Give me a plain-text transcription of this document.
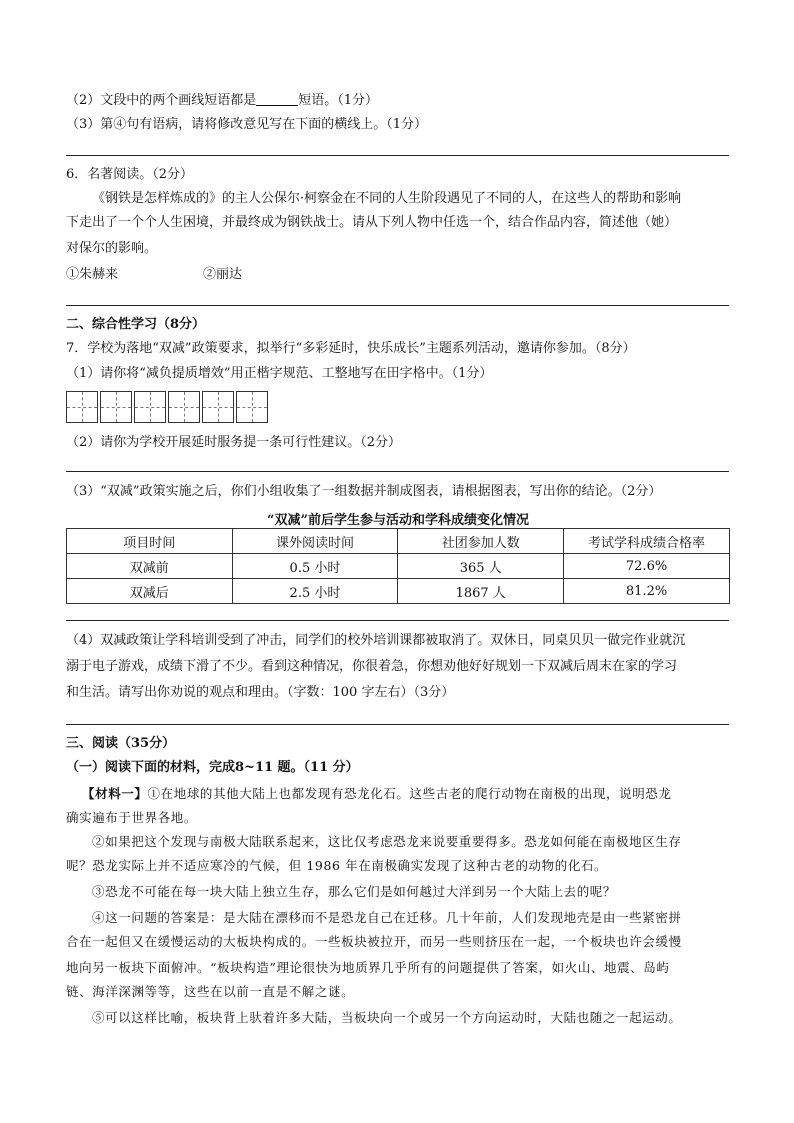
（2）文段中的两个画线短语都是	短语。（1分）
（3）第④句有语病，请将修改意见写在下面的横线上。（1分）
6．名著阅读。（2分）
《钢铁是怎样炼成的》的主人公保尔·柯察金在不同的人生阶段遇见了不同的人，在这些人的帮助和影响
下走出了一个个人生困境，并最终成为钢铁战士。请从下列人物中任选一个，结合作品内容，简述他（她）
对保尔的影响。
①朱赫来	②丽达
二、综合性学习（8分）
7．学校为落地“双减”政策要求，拟举行“多彩延时，快乐成长”主题系列活动，邀请你参加。（8分）
（1）请你将“减负提质增效”用正楷字规范、工整地写在田字格中。（1分）
（2）请你为学校开展延时服务提一条可行性建议。（2分）
（3）“双减”政策实施之后，你们小组收集了一组数据并制成图表，请根据图表，写出你的结论。（2分）
“双减”前后学生参与活动和学科成绩变化情况
项目时间	课外阅读时间	社团参加人数	考试学科成绩合格率
双减前	0.5 小时	365 人	72.6%
双减后	2.5 小时	1867 人	81.2%
（4）双减政策让学科培训受到了冲击，同学们的校外培训课都被取消了。双休日，同桌贝贝一做完作业就沉
溺于电子游戏，成绩下滑了不少。看到这种情况，你很着急，你想劝他好好规划一下双减后周末在家的学习
和生活。请写出你劝说的观点和理由。（字数：100 字左右）（3分）
三、阅读（35分）
（一）阅读下面的材料，完成8~11 题。（11 分）
【材料一】①在地球的其他大陆上也都发现有恐龙化石。这些古老的爬行动物在南极的出现，说明恐龙
确实遍布于世界各地。
②如果把这个发现与南极大陆联系起来，这比仅考虑恐龙来说要重要得多。恐龙如何能在南极地区生存
呢？恐龙实际上并不适应寒冷的气候，但 1986 年在南极确实发现了这种古老的动物的化石。
③恐龙不可能在每一块大陆上独立生存，那么它们是如何越过大洋到另一个大陆上去的呢？
④这一问题的答案是：是大陆在漂移而不是恐龙自己在迁移。几十年前，人们发现地壳是由一些紧密拼
合在一起但又在缓慢运动的大板块构成的。一些板块被拉开，而另一些则挤压在一起，一个板块也许会缓慢
地向另一板块下面俯冲。“板块构造”理论很快为地质界几乎所有的问题提供了答案，如火山、地震、岛屿
链、海洋深渊等等，这些在以前一直是不解之谜。
⑤可以这样比喻，板块背上驮着许多大陆，当板块向一个或另一个方向运动时，大陆也随之一起运动。
